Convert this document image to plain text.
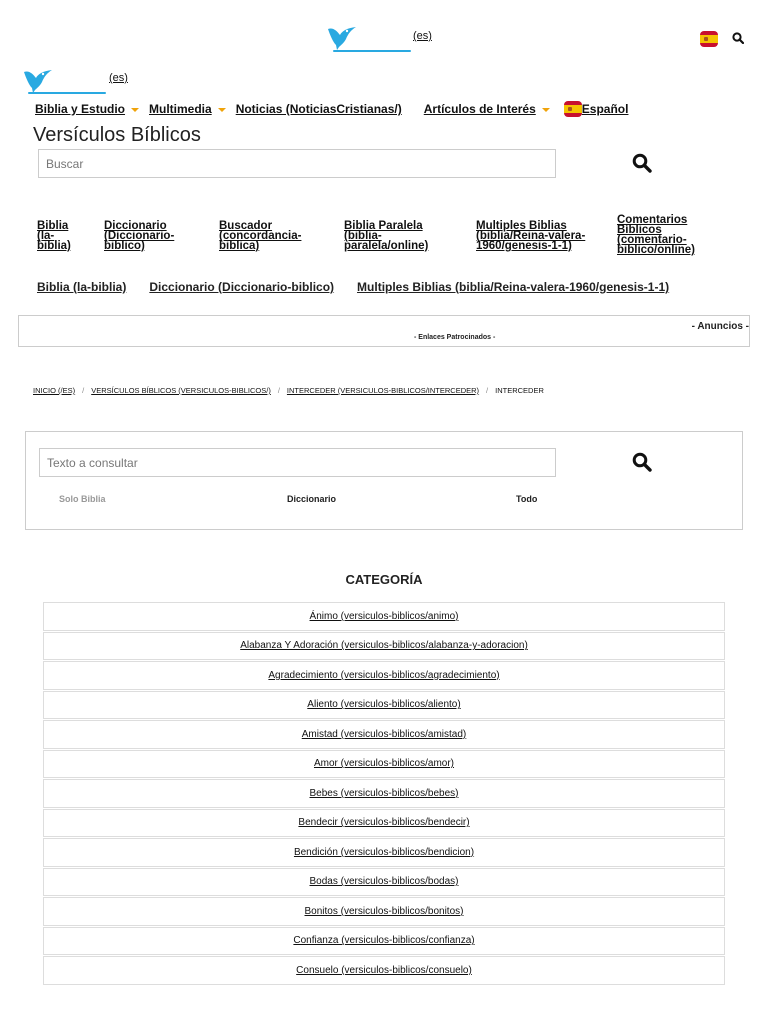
(es)
(es)
Biblia y Estudio Multimedia Noticias (NoticiasCristianas/) Artículos de Interés	Español
Versículos Bíblicos
Buscar
Biblia (la-biblia)
Diccionario (Diccionario-biblico)
Buscador (concordancia-biblica)
Biblia Paralela (biblia-paralela/online)
Multiples Biblias (biblia/Reina-valera-1960/genesis-1-1)
Comentarios Bíblicos (comentario-biblico/online)
Biblia (la-biblia) Diccionario (Diccionario-biblico) Multiples Biblias (biblia/Reina-valera-1960/genesis-1-1)
- Anuncios -
- Enlaces Patrocinados -
INICIO (/ES) / VERSÍCULOS BÍBLICOS (VERSICULOS-BIBLICOS/) / INTERCEDER (VERSICULOS-BIBLICOS/INTERCEDER) / INTERCEDER
Texto a consultar
Solo Biblia	Diccionario	Todo
CATEGORÍA
Ánimo (versiculos-biblicos/animo)
Alabanza Y Adoración (versiculos-biblicos/alabanza-y-adoracion)
Agradecimiento (versiculos-biblicos/agradecimiento)
Aliento (versiculos-biblicos/aliento)
Amistad (versiculos-biblicos/amistad)
Amor (versiculos-biblicos/amor)
Bebes (versiculos-biblicos/bebes)
Bendecir (versiculos-biblicos/bendecir)
Bendición (versiculos-biblicos/bendicion)
Bodas (versiculos-biblicos/bodas)
Bonitos (versiculos-biblicos/bonitos)
Confianza (versiculos-biblicos/confianza)
Consuelo (versiculos-biblicos/consuelo)
